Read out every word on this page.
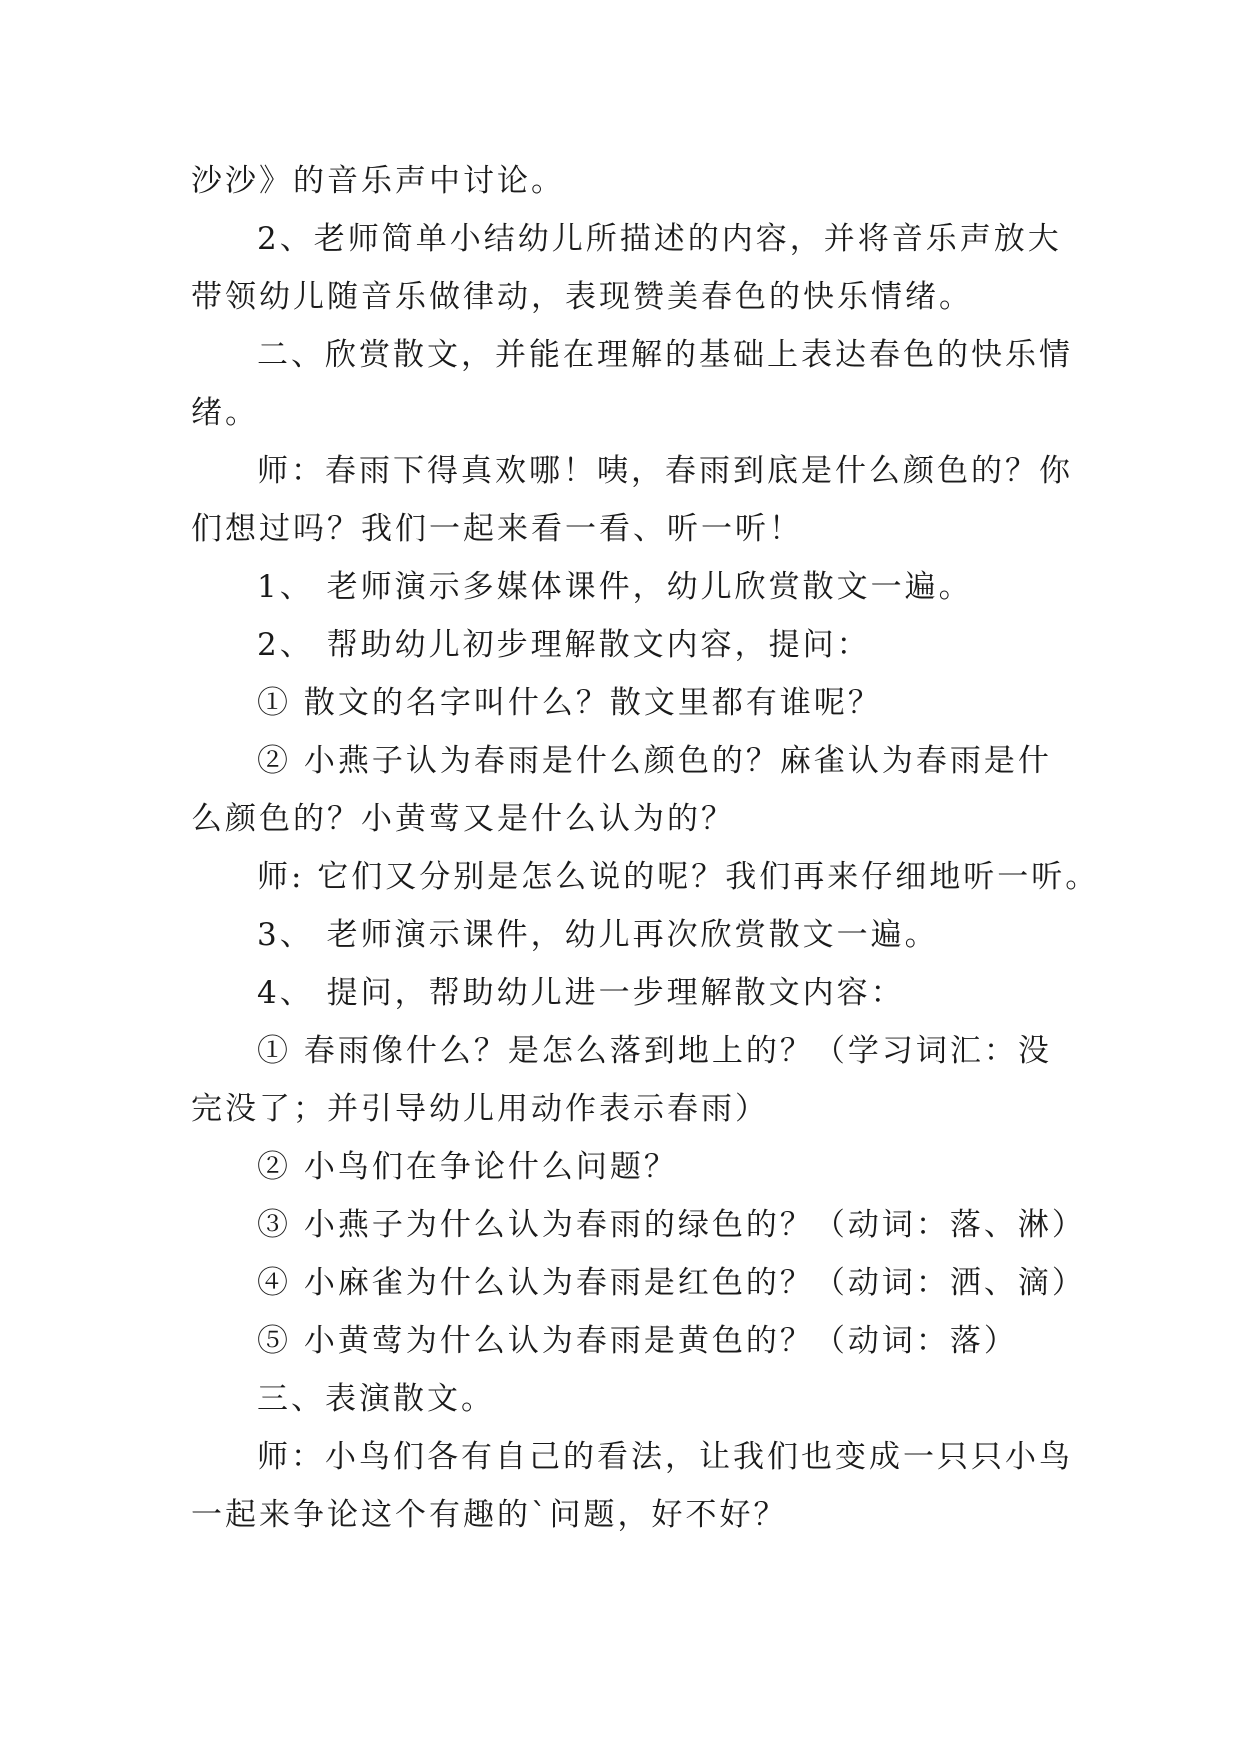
沙沙》的音乐声中讨论。
2、老师简单小结幼儿所描述的内容，并将音乐声放大
带领幼儿随音乐做律动，表现赞美春色的快乐情绪。
二、欣赏散文，并能在理解的基础上表达春色的快乐情
绪。
师：春雨下得真欢哪！咦，春雨到底是什么颜色的？你
们想过吗？我们一起来看一看、听一听！
1、 老师演示多媒体课件，幼儿欣赏散文一遍。
2、 帮助幼儿初步理解散文内容，提问：
① 散文的名字叫什么？散文里都有谁呢？
② 小燕子认为春雨是什么颜色的？麻雀认为春雨是什
么颜色的？小黄莺又是什么认为的？
师: 它们又分别是怎么说的呢？我们再来仔细地听一听。
3、 老师演示课件，幼儿再次欣赏散文一遍。
4、 提问，帮助幼儿进一步理解散文内容：
① 春雨像什么？是怎么落到地上的？（学习词汇：没
完没了；并引导幼儿用动作表示春雨）
② 小鸟们在争论什么问题？
③ 小燕子为什么认为春雨的绿色的？（动词：落、淋）
④ 小麻雀为什么认为春雨是红色的？（动词：洒、滴）
⑤ 小黄莺为什么认为春雨是黄色的？（动词：落）
三、表演散文。
师：小鸟们各有自己的看法，让我们也变成一只只小鸟
一起来争论这个有趣的`问题，好不好？
